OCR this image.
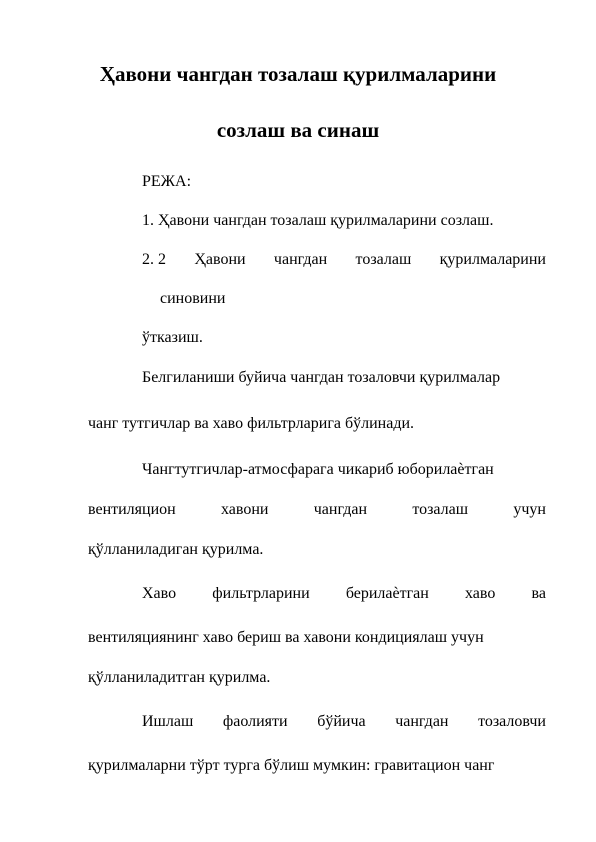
Ҳавони чангдан тозалаш қурилмаларини
созлаш ва синаш
РЕЖА:
1. Ҳавони чангдан тозалаш қурилмаларини созлаш.
2. 2 Ҳавони чангдан тозалаш қурилмаларини
синовини
ўтказиш.
Белгиланиши буйича чангдан тозаловчи қурилмалар
чанг тутгичлар ва хаво фильтрларига бўлинади.
Чангтутгичлар-атмосфарага чикариб юборилаѐтган
вентиляцион	хавони	чангдан	тозалаш	учун
қўлланиладиган қурилма.
Хаво фильтрларини берилаѐтган хаво ва
вентиляциянинг хаво бериш ва хавони кондициялаш учун
қўлланиладитган қурилма.
Ишлаш фаолияти бўйича чангдан тозаловчи
қурилмаларни тўрт турга бўлиш мумкин: гравитацион чанг
